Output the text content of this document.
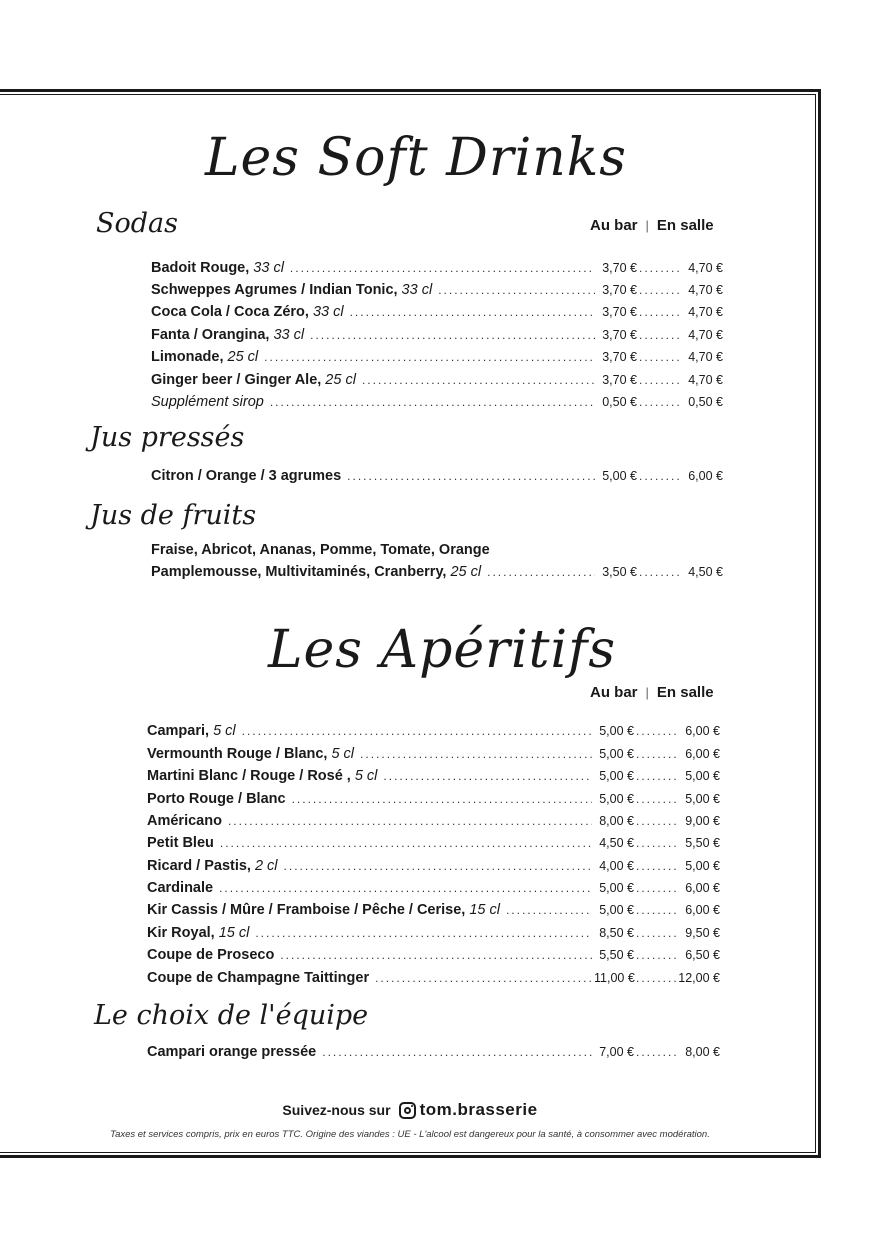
Les Soft Drinks
Sodas	Au bar | En salle
Badoit Rouge, 33 cl .....	3,70 € .....	4,70 €
Schweppes Agrumes / Indian Tonic, 33 cl .....	3,70 € .....	4,70 €
Coca Cola / Coca Zéro, 33 cl .....	3,70 € .....	4,70 €
Fanta / Orangina, 33 cl .....	3,70 € .....	4,70 €
Limonade, 25 cl .....	3,70 € .....	4,70 €
Ginger beer / Ginger Ale, 25 cl .....	3,70 € .....	4,70 €
Supplément sirop .....	0,50 € .....	0,50 €
Jus pressés
Citron / Orange / 3 agrumes .....	5,00 € .....	6,00 €
Jus de fruits
Fraise, Abricot, Ananas, Pomme, Tomate, Orange
Pamplemousse, Multivitaminés, Cranberry, 25 cl .....	3,50 € .....	4,50 €
Les Apéritifs
Au bar | En salle
Campari, 5 cl .....	5,00 € .....	6,00 €
Vermounth Rouge / Blanc, 5 cl .....	5,00 € .....	6,00 €
Martini Blanc / Rouge / Rosé , 5 cl .....	5,00 € .....	5,00 €
Porto Rouge / Blanc .....	5,00 € .....	5,00 €
Américano .....	8,00 € .....	9,00 €
Petit Bleu .....	4,50 € .....	5,50 €
Ricard / Pastis, 2 cl .....	4,00 € .....	5,00 €
Cardinale .....	5,00 € .....	6,00 €
Kir Cassis / Mûre / Framboise / Pêche / Cerise, 15 cl .....	5,00 € .....	6,00 €
Kir Royal, 15 cl .....	8,50 € .....	9,50 €
Coupe de Proseco .....	5,50 € .....	6,50 €
Coupe de Champagne Taittinger .....	11,00 € .....	12,00 €
Le choix de l'équipe
Campari orange pressée .....	7,00 € .....	8,00 €
Suivez-nous sur tom.brasserie
Taxes et services compris, prix en euros TTC. Origine des viandes : UE - L'alcool est dangereux pour la santé, à consommer avec modération.
